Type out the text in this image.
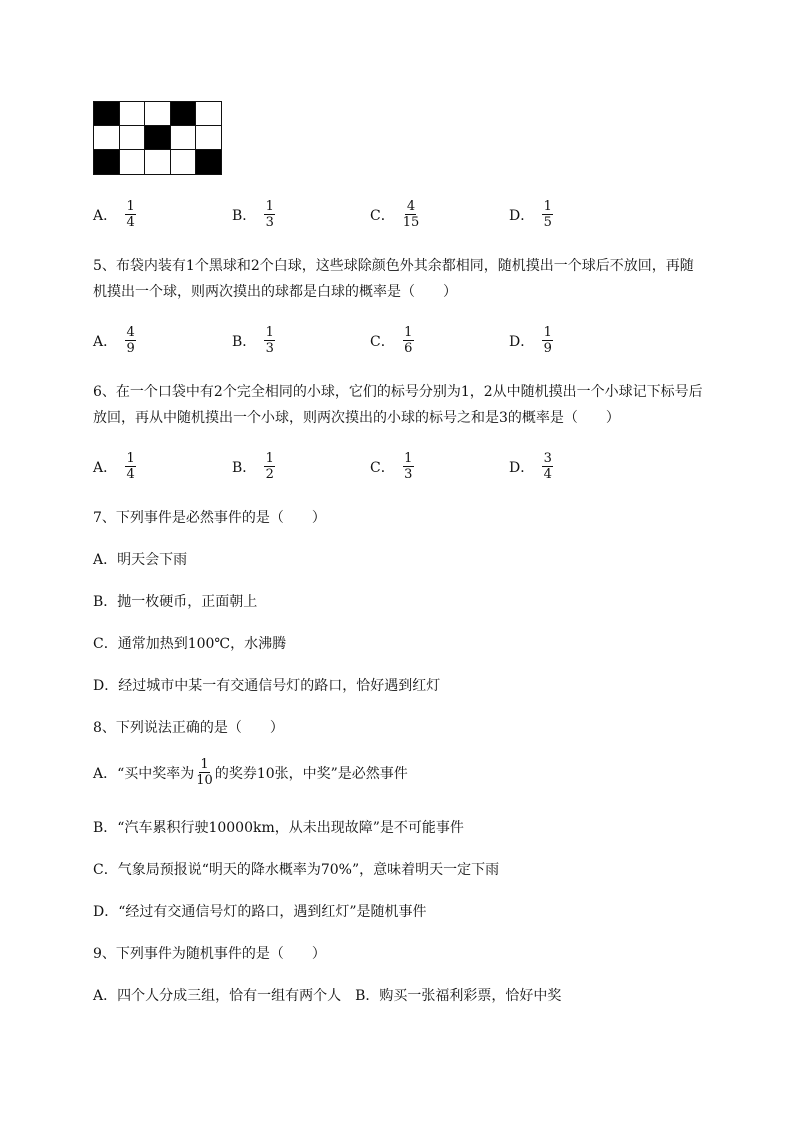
A． $\frac{1}{4}$	B． $\frac{1}{3}$	C． $\frac{4}{15}$	D． $\frac{1}{5}$
5、布袋内装有1个黑球和2个白球，这些球除颜色外其余都相同，随机摸出一个球后不放回，再随
机摸出一个球，则两次摸出的球都是白球的概率是（　　）
A． $\frac{4}{9}$	B． $\frac{1}{3}$	C． $\frac{1}{6}$	D． $\frac{1}{9}$
6、在一个口袋中有2个完全相同的小球，它们的标号分别为1，2从中随机摸出一个小球记下标号后
放回，再从中随机摸出一个小球，则两次摸出的小球的标号之和是3的概率是（　　）
A． $\frac{1}{4}$	B． $\frac{1}{2}$	C． $\frac{1}{3}$	D． $\frac{3}{4}$
7、下列事件是必然事件的是（　　）
A．明天会下雨
B．抛一枚硬币，正面朝上
C．通常加热到100℃，水沸腾
D．经过城市中某一有交通信号灯的路口，恰好遇到红灯
8、下列说法正确的是（　　）
A．“买中奖率为 $\frac{1}{10}$ 的奖券10张，中奖”是必然事件
B．“汽车累积行驶10000km，从未出现故障”是不可能事件
C．气象局预报说“明天的降水概率为70%”，意味着明天一定下雨
D．“经过有交通信号灯的路口，遇到红灯”是随机事件
9、下列事件为随机事件的是（　　）
A．四个人分成三组，恰有一组有两个人　B．购买一张福利彩票，恰好中奖
